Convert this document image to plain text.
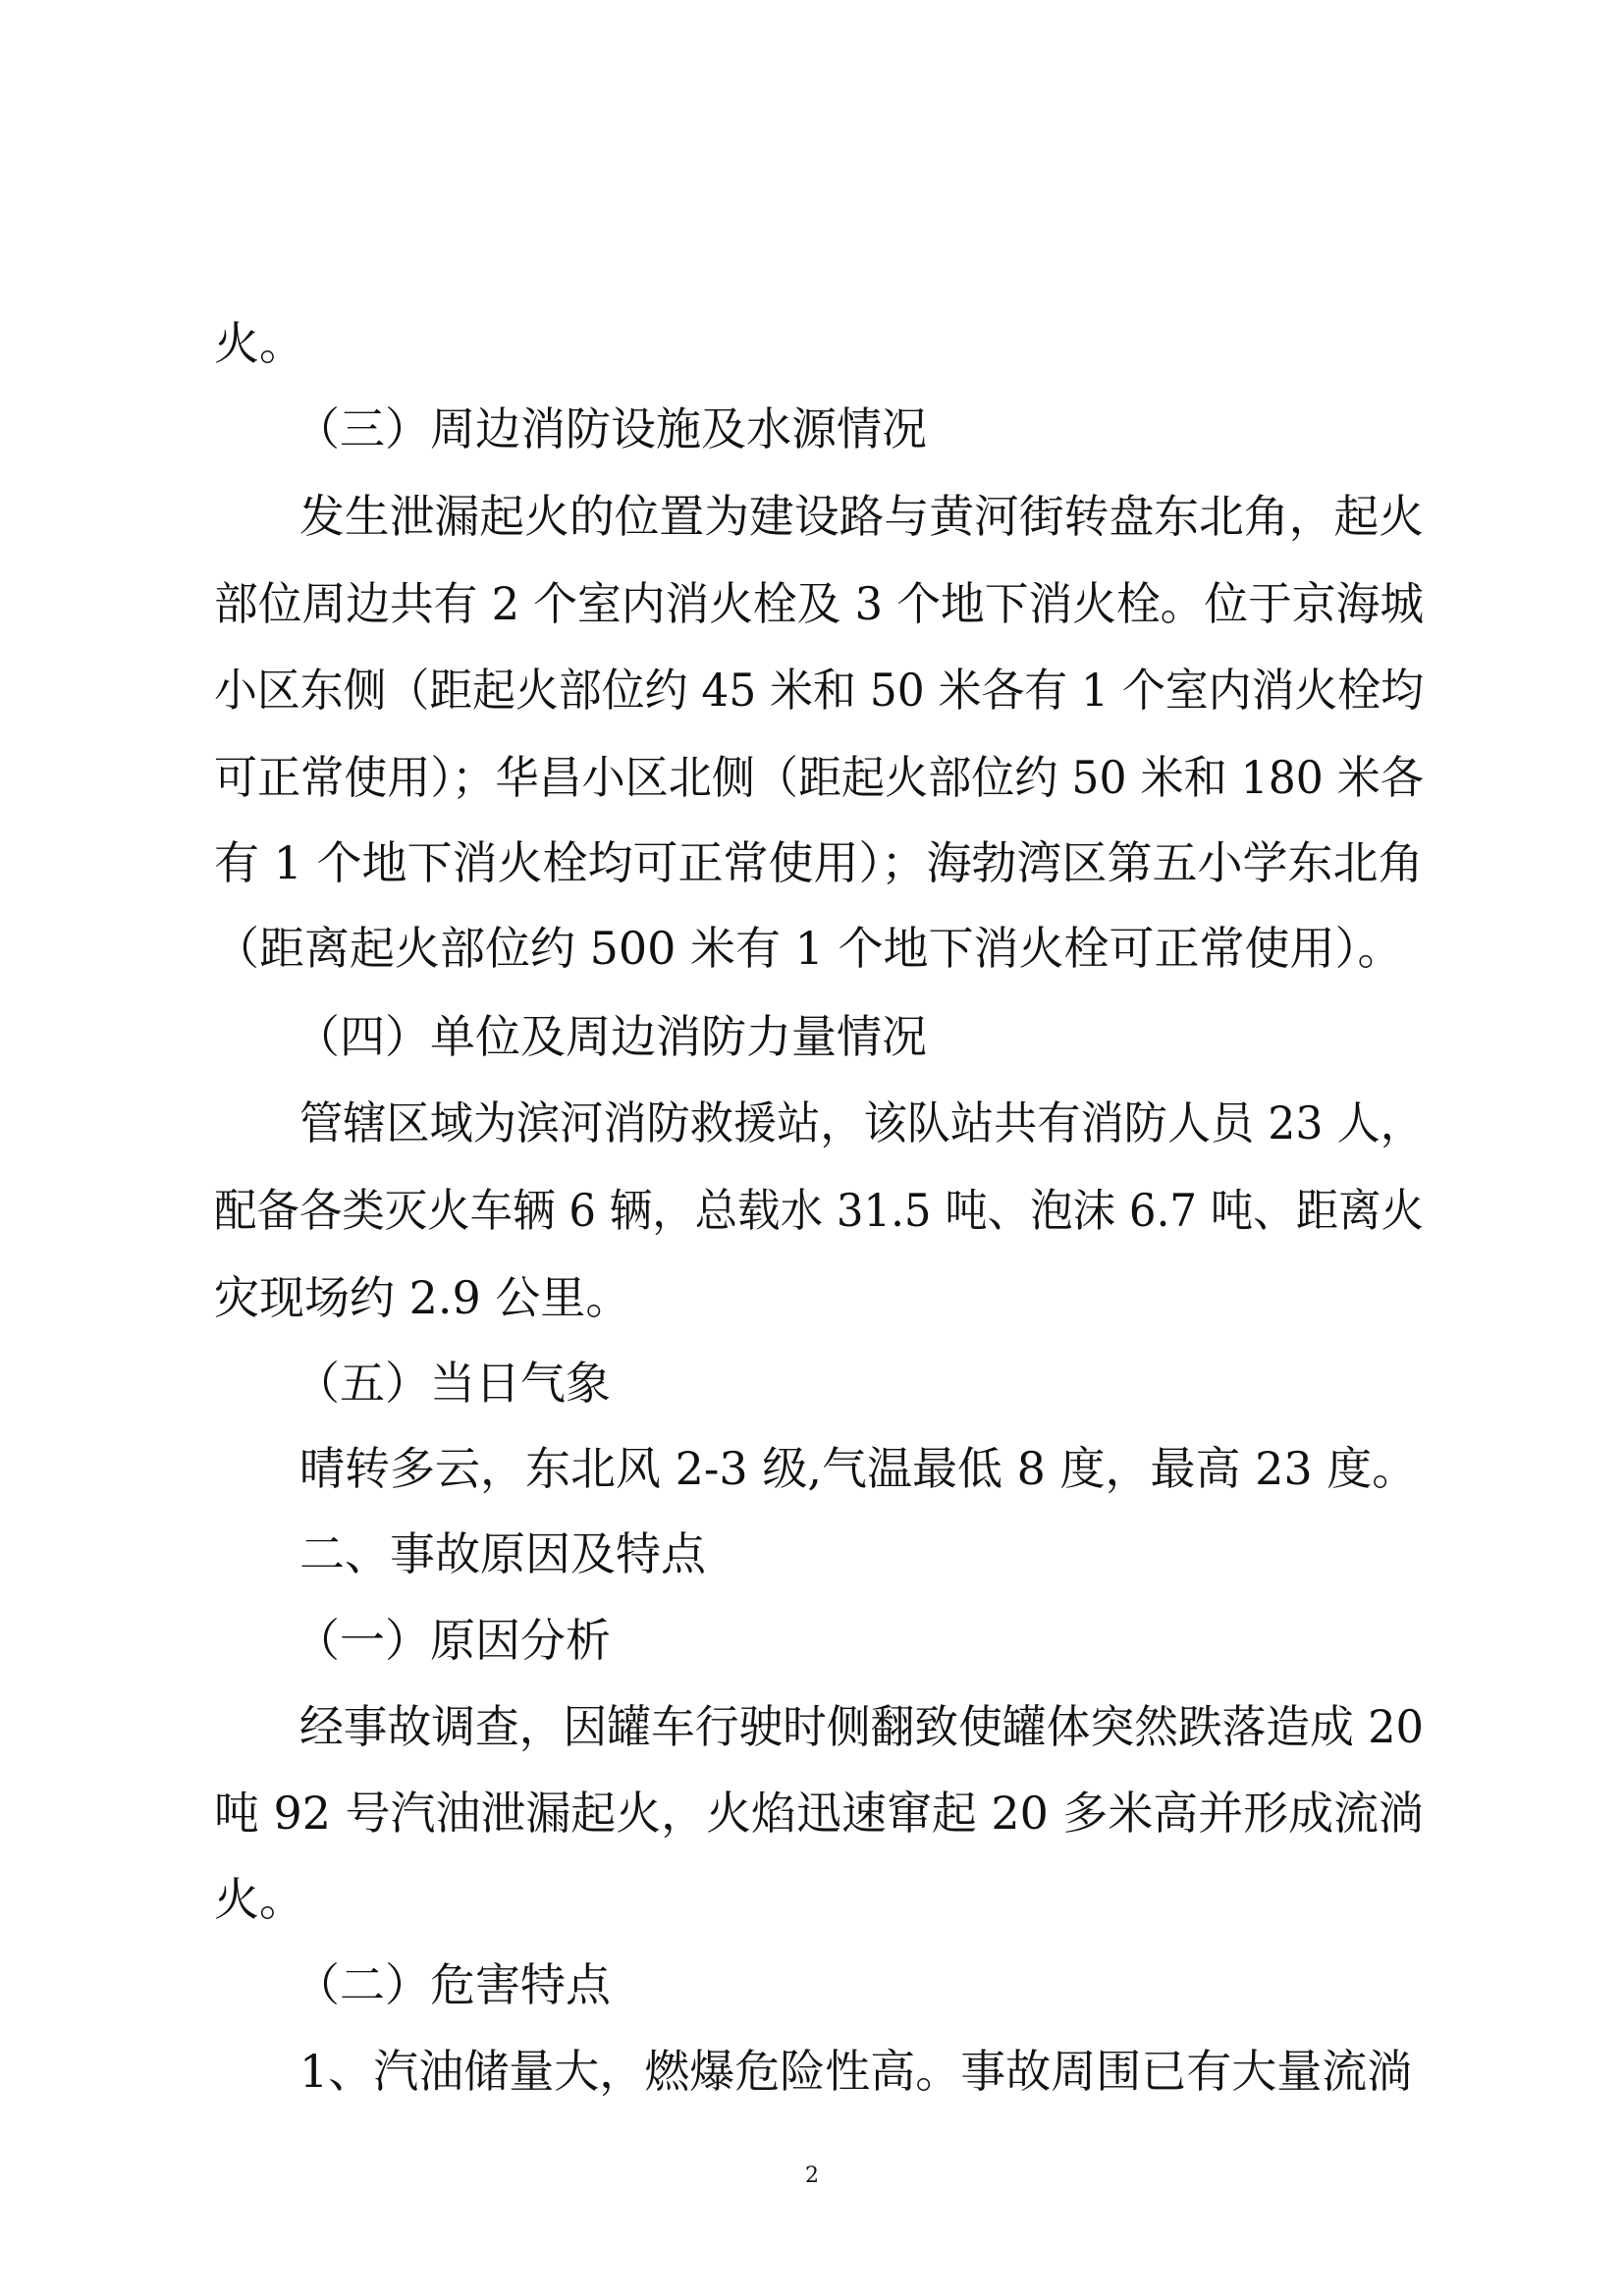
火。
（三）周边消防设施及水源情况
发生泄漏起火的位置为建设路与黄河街转盘东北角，起火
部位周边共有 2 个室内消火栓及 3 个地下消火栓。位于京海城
小区东侧（距起火部位约 45 米和 50 米各有 1 个室内消火栓均
可正常使用）；华昌小区北侧（距起火部位约 50 米和 180 米各
有 1 个地下消火栓均可正常使用）；海勃湾区第五小学东北角
（距离起火部位约 500 米有 1 个地下消火栓可正常使用）。
（四）单位及周边消防力量情况
管辖区域为滨河消防救援站，该队站共有消防人员 23 人，
配备各类灭火车辆 6 辆，总载水 31.5 吨、泡沫 6.7 吨、距离火
灾现场约 2.9 公里。
（五）当日气象
晴转多云，东北风 2-3 级,气温最低 8 度，最高 23 度。
二、事故原因及特点
（一）原因分析
经事故调查，因罐车行驶时侧翻致使罐体突然跌落造成 20
吨 92 号汽油泄漏起火，火焰迅速窜起 20 多米高并形成流淌
火。
（二）危害特点
1、汽油储量大，燃爆危险性高。事故周围已有大量流淌
2
